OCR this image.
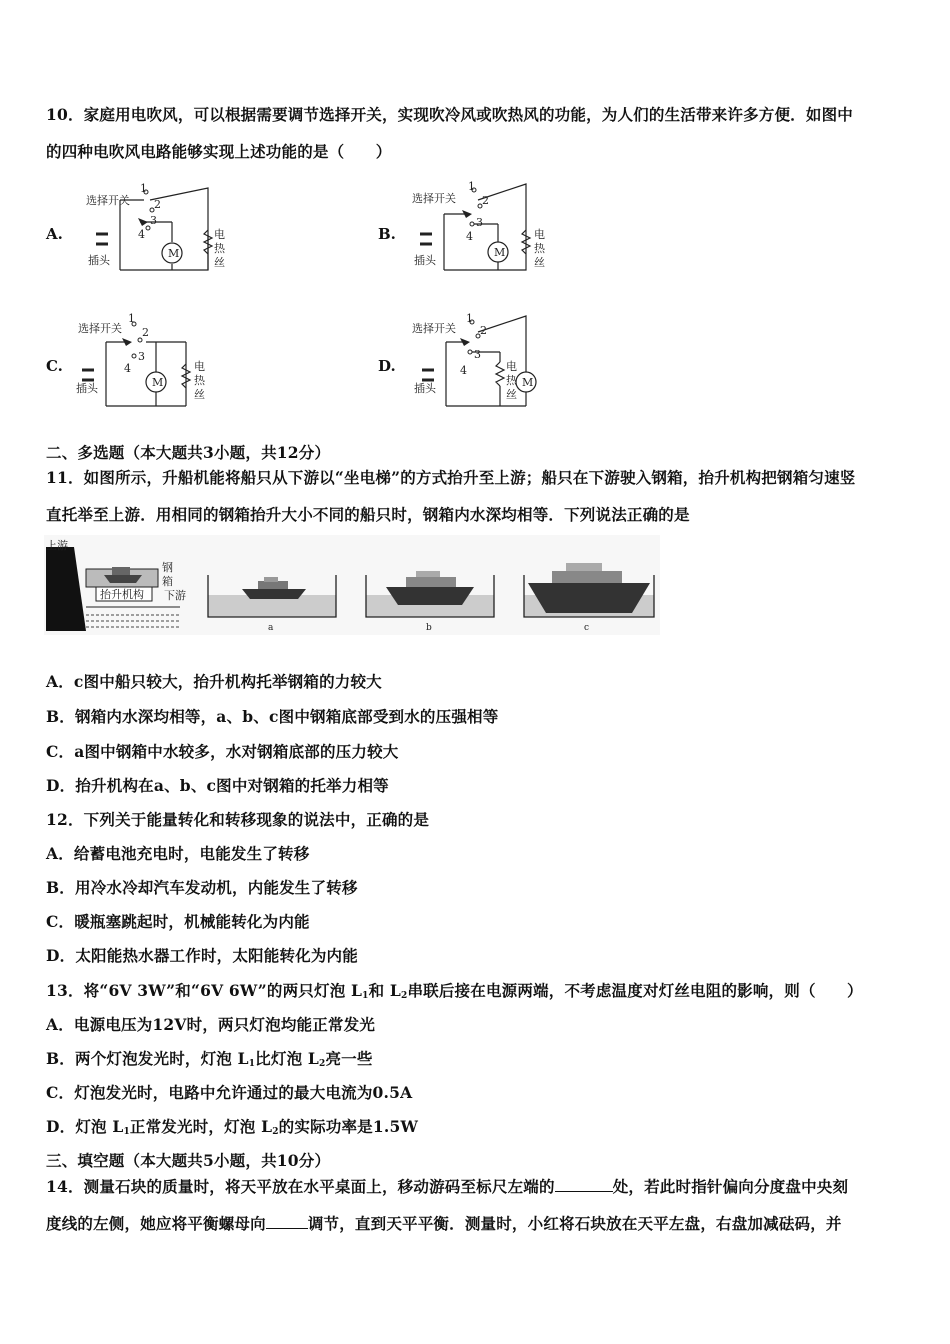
10．家庭用电吹风，可以根据需要调节选择开关，实现吹冷风或吹热风的功能，为人们的生活带来许多方便．如图中
的四种电吹风电路能够实现上述功能的是（　　）
A.	B.
C.	D.
选择开关
插头
1
2
3
4
M
电
热
丝
选择开关
插头
1
2
3
4
M
电
热
丝
选择开关
插头
1
2
3
4
M
电
热
丝
选择开关
插头
1
2
3
4
M
电
热
丝
二、多选题（本大题共3小题，共12分）
11．如图所示，升船机能将船只从下游以“坐电梯”的方式抬升至上游；船只在下游驶入钢箱，抬升机构把钢箱匀速竖
直托举至上游．用相同的钢箱抬升大小不同的船只时，钢箱内水深均相等．下列说法正确的是
上游
下游
钢
箱
抬升机构
a	b	c
A．c图中船只较大，抬升机构托举钢箱的力较大
B．钢箱内水深均相等，a、b、c图中钢箱底部受到水的压强相等
C．a图中钢箱中水较多，水对钢箱底部的压力较大
D．抬升机构在a、b、c图中对钢箱的托举力相等
12．下列关于能量转化和转移现象的说法中，正确的是
A．给蓄电池充电时，电能发生了转移
B．用冷水冷却汽车发动机，内能发生了转移
C．暖瓶塞跳起时，机械能转化为内能
D．太阳能热水器工作时，太阳能转化为内能
13．将“6V 3W”和“6V 6W”的两只灯泡 $L_1$和 $L_2$串联后接在电源两端，不考虑温度对灯丝电阻的影响，则（　　）
A．电源电压为12V时，两只灯泡均能正常发光
B．两个灯泡发光时，灯泡 $L_1$比灯泡 $L_2$亮一些
C．灯泡发光时，电路中允许通过的最大电流为0.5A
D．灯泡 $L_1$正常发光时，灯泡 $L_2$的实际功率是1.5W
三、填空题（本大题共5小题，共10分）
14．测量石块的质量时，将天平放在水平桌面上，移动游码至标尺左端的	处，若此时指针偏向分度盘中央刻
度线的左侧，她应将平衡螺母向	调节，直到天平平衡．测量时，小红将石块放在天平左盘，右盘加减砝码，并
